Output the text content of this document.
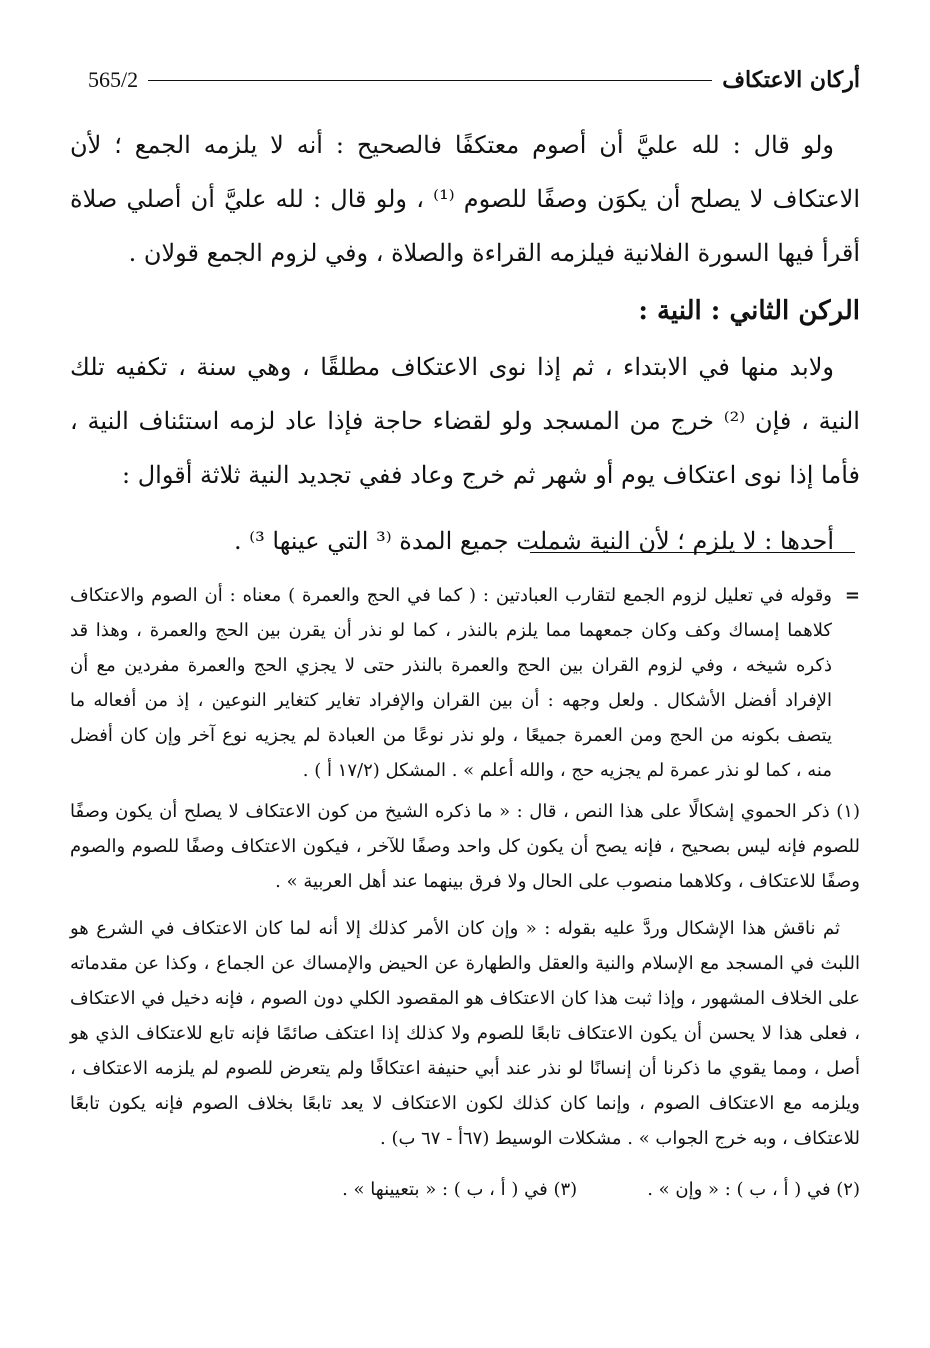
565/2	أركان الاعتكاف

ولو قال : لله عليَّ أن أصوم معتكفًا فالصحيح : أنه لا يلزمه الجمع ؛ لأن الاعتكاف لا يصلح أن يكوَن وصفًا للصوم ⁽¹⁾ ، ولو قال : لله عليَّ أن أصلي صلاة أقرأ فيها السورة الفلانية فيلزمه القراءة والصلاة ، وفي لزوم الجمع قولان .

الركن الثاني : النية :

ولابد منها في الابتداء ، ثم إذا نوى الاعتكاف مطلقًا ، وهي سنة ، تكفيه تلك النية ، فإن ⁽²⁾ خرج من المسجد ولو لقضاء حاجة فإذا عاد لزمه استئناف النية ، فأما إذا نوى اعتكاف يوم أو شهر ثم خرج وعاد ففي تجديد النية ثلاثة أقوال :

أحدها : لا يلزم ؛ لأن النية شملت جميع المدة ⁽³ التي عينها ³⁾ .

=
وقوله في تعليل لزوم الجمع لتقارب العبادتين : ( كما في الحج والعمرة ) معناه : أن الصوم والاعتكاف كلاهما إمساك وكف وكان جمعهما مما يلزم بالنذر ، كما لو نذر أن يقرن بين الحج والعمرة ، وهذا قد ذكره شيخه ، وفي لزوم القران بين الحج والعمرة بالنذر حتى لا يجزي الحج والعمرة مفردين مع أن الإفراد أفضل الأشكال . ولعل وجهه : أن بين القران والإفراد تغاير كتغاير النوعين ، إذ من أفعاله ما يتصف بكونه من الحج ومن العمرة جميعًا ، ولو نذر نوعًا من العبادة لم يجزيه نوع آخر وإن كان أفضل منه ، كما لو نذر عمرة لم يجزيه حج ، والله أعلم » . المشكل (١٧/٢ أ ) .

(١) ذكر الحموي إشكالًا على هذا النص ، قال : « ما ذكره الشيخ من كون الاعتكاف لا يصلح أن يكون وصفًا للصوم فإنه ليس بصحيح ، فإنه يصح أن يكون كل واحد وصفًا للآخر ، فيكون الاعتكاف وصفًا للصوم والصوم وصفًا للاعتكاف ، وكلاهما منصوب على الحال ولا فرق بينهما عند أهل العربية » .

ثم ناقش هذا الإشكال وردَّ عليه بقوله : « وإن كان الأمر كذلك إلا أنه لما كان الاعتكاف في الشرع هو اللبث في المسجد مع الإسلام والنية والعقل والطهارة عن الحيض والإمساك عن الجماع ، وكذا عن مقدماته على الخلاف المشهور ، وإذا ثبت هذا كان الاعتكاف هو المقصود الكلي دون الصوم ، فإنه دخيل في الاعتكاف ، فعلى هذا لا يحسن أن يكون الاعتكاف تابعًا للصوم ولا كذلك إذا اعتكف صائمًا فإنه تابع للاعتكاف الذي هو أصل ، ومما يقوي ما ذكرنا أن إنسانًا لو نذر عند أبي حنيفة اعتكافًا ولم يتعرض للصوم لم يلزمه الاعتكاف ، ويلزمه مع الاعتكاف الصوم ، وإنما كان كذلك لكون الاعتكاف لا يعد تابعًا بخلاف الصوم فإنه يكون تابعًا للاعتكاف ، وبه خرج الجواب » . مشكلات الوسيط (٦٧أ - ٦٧ ب) .

(٢) في ( أ ، ب ) : « وإن » .
(٣) في ( أ ، ب ) : « بتعيينها » .
